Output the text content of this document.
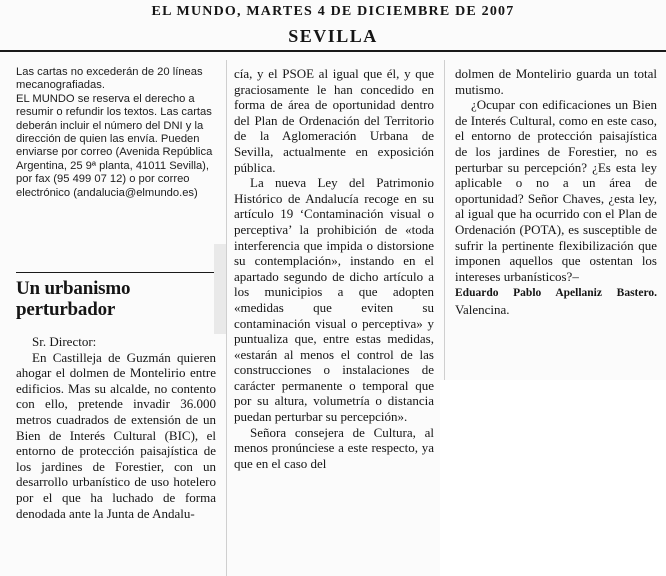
EL MUNDO, MARTES 4 DE DICIEMBRE DE 2007
SEVILLA

Las cartas no excederán de 20 líneas mecanografiadas.

EL MUNDO se reserva el derecho a resumir o refundir los textos. Las cartas deberán incluir el número del DNI y la dirección de quien las envía. Pueden enviarse por correo (Avenida República Argentina, 25 9ª planta, 41011 Sevilla), por fax (95 499 07 12) o por correo electrónico (andalucia@elmundo.es)

Un urbanismo perturbador

Sr. Director:

En Castilleja de Guzmán quieren ahogar el dolmen de Montelirio entre edificios. Mas su alcalde, no contento con ello, pretende invadir 36.000 metros cuadrados de extensión de un Bien de Interés Cultural (BIC), el entorno de protección paisajística de los jardines de Forestier, con un desarrollo urbanístico de uso hotelero por el que ha luchado de forma denodada ante la Junta de Andalu-

cía, y el PSOE al igual que él, y que graciosamente le han concedido en forma de área de oportunidad dentro del Plan de Ordenación del Territorio de la Aglomeración Urbana de Sevilla, actualmente en exposición pública.

La nueva Ley del Patrimonio Histórico de Andalucía recoge en su artículo 19 ‘Contaminación visual o perceptiva’ la prohibición de «toda interferencia que impida o distorsione su contemplación», instando en el apartado segundo de dicho artículo a los municipios a que adopten «medidas que eviten su contaminación visual o perceptiva» y puntualiza que, entre estas medidas, «estarán al menos el control de las construcciones o instalaciones de carácter permanente o temporal que por su altura, volumetría o distancia puedan perturbar su percepción».

Señora consejera de Cultura, al menos pronúnciese a este respecto, ya que en el caso del

dolmen de Montelirio guarda un total mutismo.

¿Ocupar con edificaciones un Bien de Interés Cultural, como en este caso, el entorno de protección paisajística de los jardines de Forestier, no es perturbar su percepción? ¿Es esta ley aplicable o no a un área de oportunidad? Señor Chaves, ¿esta ley, al igual que ha ocurrido con el Plan de Ordenación (POTA), es susceptible de sufrir la pertinente flexibilización que imponen aquellos que ostentan los intereses urbanísticos?–

Eduardo Pablo Apellaniz Bastero. Valencina.
